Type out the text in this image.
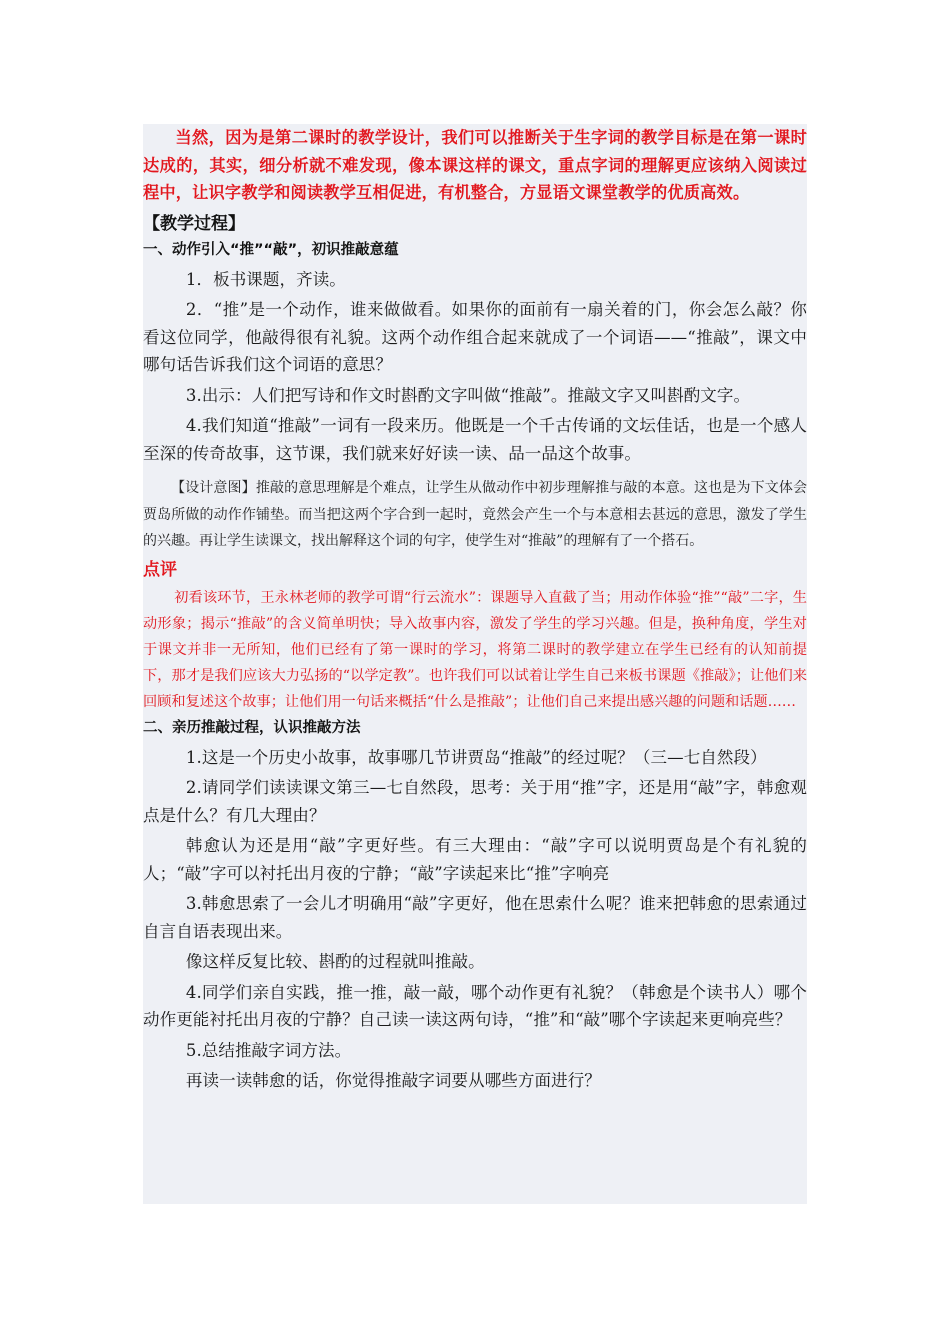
当然，因为是第二课时的教学设计，我们可以推断关于生字词的教学目标是在第一课时达成的，其实，细分析就不难发现，像本课这样的课文，重点字词的理解更应该纳入阅读过程中，让识字教学和阅读教学互相促进，有机整合，方显语文课堂教学的优质高效。

【教学过程】

一、动作引入“推”“敲”，初识推敲意蕴

1．板书课题，齐读。

2．“推”是一个动作，谁来做做看。如果你的面前有一扇关着的门，你会怎么敲？你看这位同学，他敲得很有礼貌。这两个动作组合起来就成了一个词语——“推敲”，课文中哪句话告诉我们这个词语的意思？

3.出示：人们把写诗和作文时斟酌文字叫做“推敲”。推敲文字又叫斟酌文字。

4.我们知道“推敲”一词有一段来历。他既是一个千古传诵的文坛佳话，也是一个感人至深的传奇故事，这节课，我们就来好好读一读、品一品这个故事。

【设计意图】推敲的意思理解是个难点，让学生从做动作中初步理解推与敲的本意。这也是为下文体会贾岛所做的动作作铺垫。而当把这两个字合到一起时，竟然会产生一个与本意相去甚远的意思，激发了学生的兴趣。再让学生读课文，找出解释这个词的句字，使学生对“推敲”的理解有了一个搭石。

点评

初看该环节，王永林老师的教学可谓“行云流水”：课题导入直截了当；用动作体验“推”“敲”二字，生动形象；揭示“推敲”的含义简单明快；导入故事内容，激发了学生的学习兴趣。但是，换种角度，学生对于课文并非一无所知，他们已经有了第一课时的学习，将第二课时的教学建立在学生已经有的认知前提下，那才是我们应该大力弘扬的“以学定教”。也许我们可以试着让学生自己来板书课题《推敲》；让他们来回顾和复述这个故事；让他们用一句话来概括“什么是推敲”；让他们自己来提出感兴趣的问题和话题……

二、亲历推敲过程，认识推敲方法

1.这是一个历史小故事，故事哪几节讲贾岛“推敲”的经过呢？（三—七自然段）

2.请同学们读读课文第三—七自然段，思考：关于用“推”字，还是用“敲”字，韩愈观点是什么？有几大理由？

韩愈认为还是用“敲”字更好些。有三大理由：“敲”字可以说明贾岛是个有礼貌的人；“敲”字可以衬托出月夜的宁静；“敲”字读起来比“推”字响亮

3.韩愈思索了一会儿才明确用“敲”字更好，他在思索什么呢？谁来把韩愈的思索通过自言自语表现出来。

像这样反复比较、斟酌的过程就叫推敲。

4.同学们亲自实践，推一推，敲一敲，哪个动作更有礼貌？（韩愈是个读书人）哪个动作更能衬托出月夜的宁静？自己读一读这两句诗，“推”和“敲”哪个字读起来更响亮些？

5.总结推敲字词方法。

再读一读韩愈的话，你觉得推敲字词要从哪些方面进行？
